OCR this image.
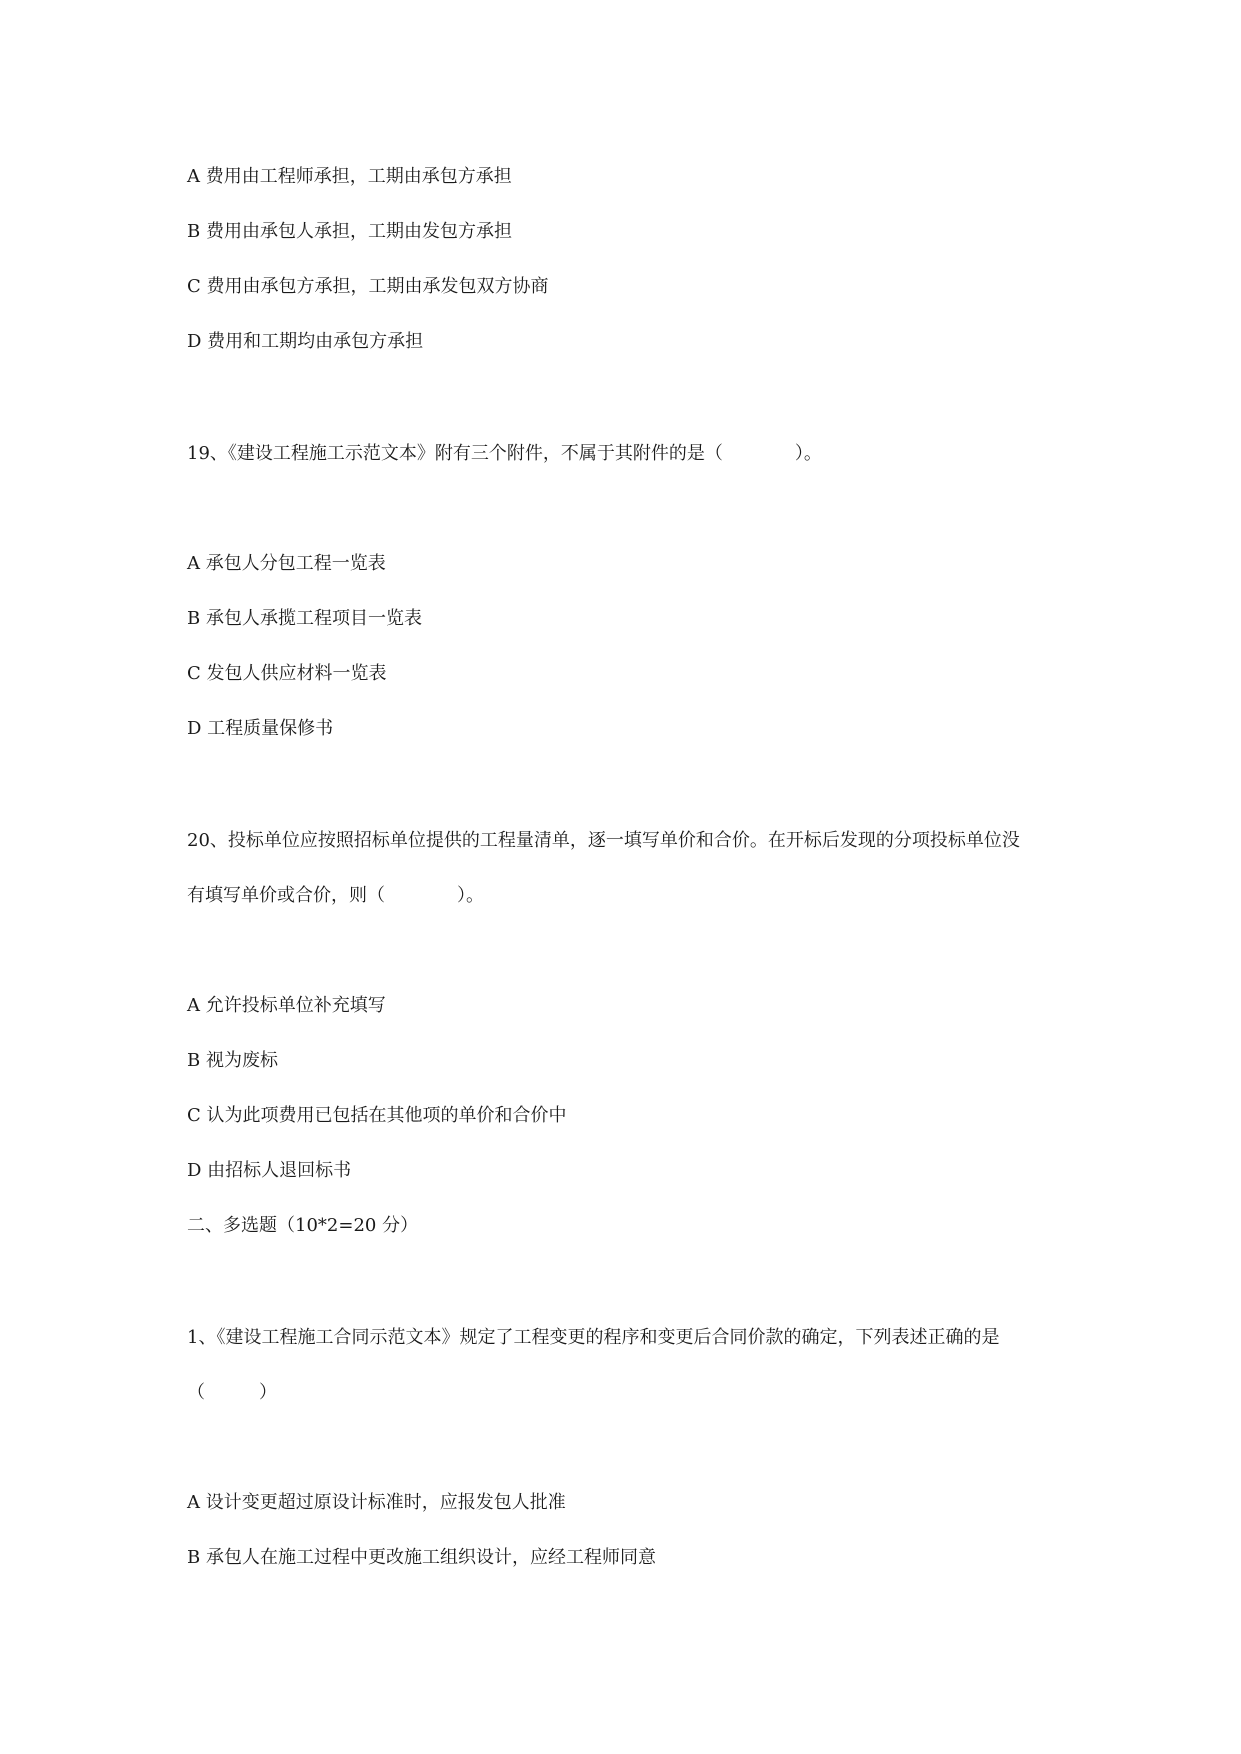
A 费用由工程师承担，工期由承包方承担
B 费用由承包人承担，工期由发包方承担
C 费用由承包方承担，工期由承发包双方协商
D 费用和工期均由承包方承担
19、《建设工程施工示范文本》附有三个附件，不属于其附件的是（　　　　）。
A 承包人分包工程一览表
B 承包人承揽工程项目一览表
C 发包人供应材料一览表
D 工程质量保修书
20、投标单位应按照招标单位提供的工程量清单，逐一填写单价和合价。在开标后发现的分项投标单位没
有填写单价或合价，则（　　　　）。
A 允许投标单位补充填写
B 视为废标
C 认为此项费用已包括在其他项的单价和合价中
D 由招标人退回标书
二、多选题（10*2=20 分）
1、《建设工程施工合同示范文本》规定了工程变更的程序和变更后合同价款的确定，下列表述正确的是
（　　　）
A 设计变更超过原设计标准时，应报发包人批准
B 承包人在施工过程中更改施工组织设计，应经工程师同意
